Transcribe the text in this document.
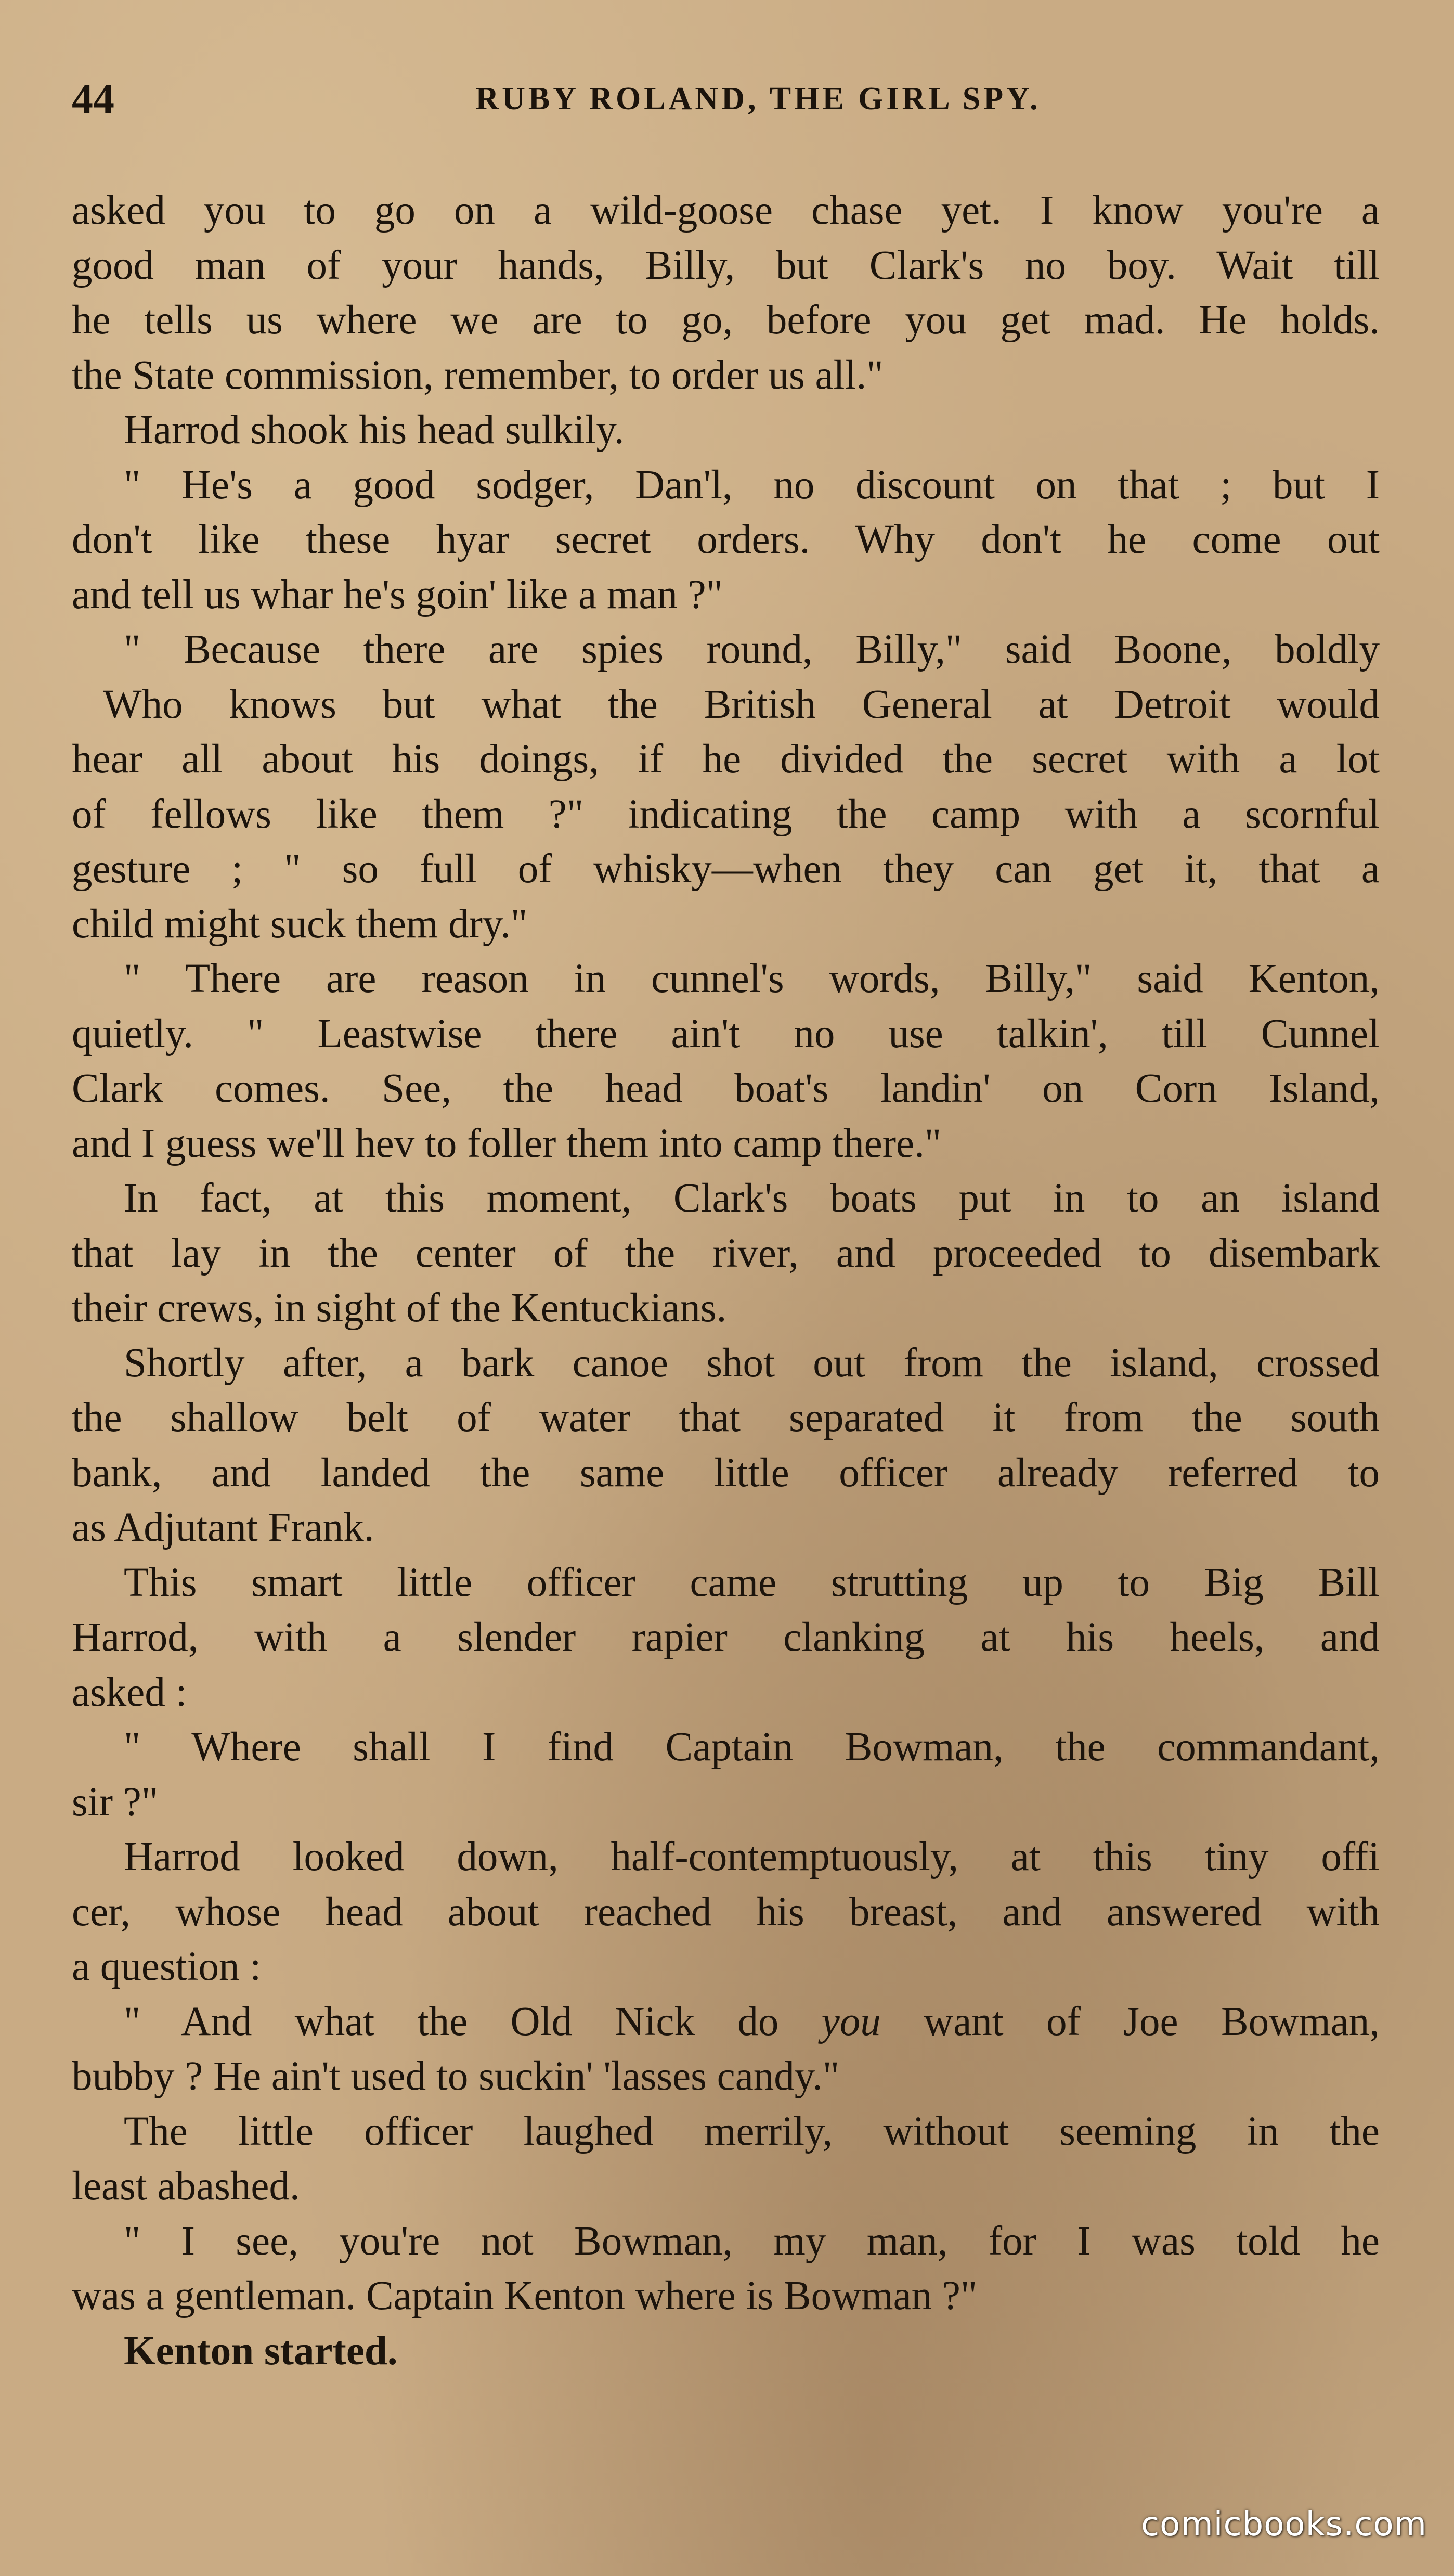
44	RUBY ROLAND, THE GIRL SPY.
asked you to go on a wild-goose chase yet. I know you're a
good man of your hands, Billy, but Clark's no boy. Wait till
he tells us where we are to go, before you get mad. He holds.
the State commission, remember, to order us all."
Harrod shook his head sulkily.
" He's a good sodger, Dan'l, no discount on that ; but I
don't like these hyar secret orders. Why don't he come out
and tell us whar he's goin' like a man ?"
" Because there are spies round, Billy," said Boone, boldly
Who knows but what the British General at Detroit would
hear all about his doings, if he divided the secret with a lot
of fellows like them ?" indicating the camp with a scornful
gesture ; " so full of whisky—when they can get it, that a
child might suck them dry."
" There are reason in cunnel's words, Billy," said Kenton,
quietly. " Leastwise there ain't no use talkin', till Cunnel
Clark comes. See, the head boat's landin' on Corn Island,
and I guess we'll hev to foller them into camp there."
In fact, at this moment, Clark's boats put in to an island
that lay in the center of the river, and proceeded to disembark
their crews, in sight of the Kentuckians.
Shortly after, a bark canoe shot out from the island, crossed
the shallow belt of water that separated it from the south
bank, and landed the same little officer already referred to
as Adjutant Frank.
This smart little officer came strutting up to Big Bill
Harrod, with a slender rapier clanking at his heels, and
asked :
" Where shall I find Captain Bowman, the commandant,
sir ?"
Harrod looked down, half-contemptuously, at this tiny offi
cer, whose head about reached his breast, and answered with
a question :
" And what the Old Nick do you want of Joe Bowman,
bubby ? He ain't used to suckin' 'lasses candy."
The little officer laughed merrily, without seeming in the
least abashed.
" I see, you're not Bowman, my man, for I was told he
was a gentleman. Captain Kenton where is Bowman ?"
Kenton started.
comicbooks.com
